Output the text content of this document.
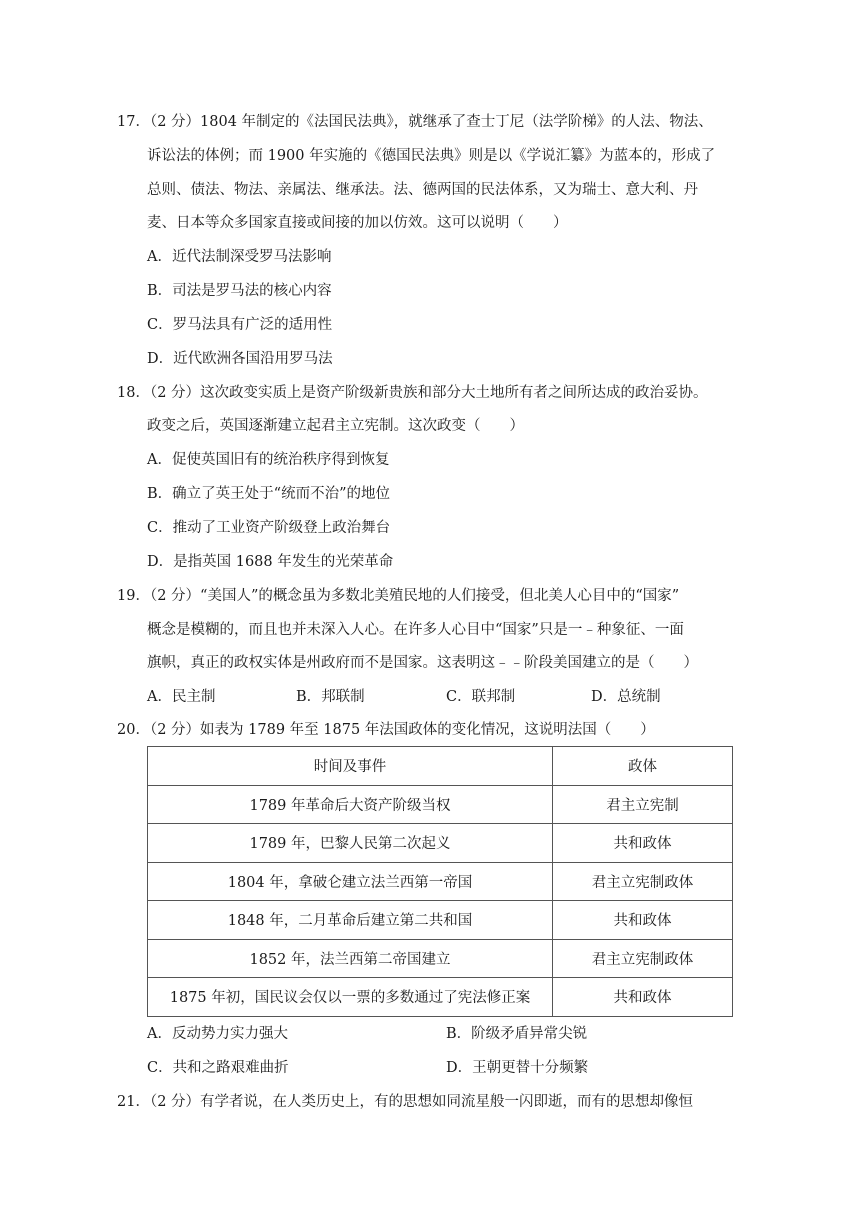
17．（2 分）1804 年制定的《法国民法典》，就继承了查士丁尼（法学阶梯》的人法、物法、
诉讼法的体例；而 1900 年实施的《德国民法典》则是以《学说汇纂》为蓝本的，形成了
总则、债法、物法、亲属法、继承法。法、德两国的民法体系，又为瑞士、意大利、丹
麦、日本等众多国家直接或间接的加以仿效。这可以说明（　　）
A．近代法制深受罗马法影响
B．司法是罗马法的核心内容
C．罗马法具有广泛的适用性
D．近代欧洲各国沿用罗马法
18．（2 分）这次政变实质上是资产阶级新贵族和部分大土地所有者之间所达成的政治妥协。
政变之后，英国逐渐建立起君主立宪制。这次政变（　　）
A．促使英国旧有的统治秩序得到恢复
B．确立了英王处于“统而不治”的地位
C．推动了工业资产阶级登上政治舞台
D．是指英国 1688 年发生的光荣革命
19．（2 分）“美国人”的概念虽为多数北美殖民地的人们接受，但北美人心目中的“国家”
概念是模糊的，而且也并未深入人心。在许多人心目中“国家”只是一﹣种象征、一面
旗帜，真正的政权实体是州政府而不是国家。这表明这﹣﹣阶段美国建立的是（　　）
A．民主制	B．邦联制	C．联邦制	D．总统制
20．（2 分）如表为 1789 年至 1875 年法国政体的变化情况，这说明法国（　　）
时间及事件	政体
1789 年革命后大资产阶级当权	君主立宪制
1789 年，巴黎人民第二次起义	共和政体
1804 年，拿破仑建立法兰西第一帝国	君主立宪制政体
1848 年，二月革命后建立第二共和国	共和政体
1852 年，法兰西第二帝国建立	君主立宪制政体
1875 年初，国民议会仅以一票的多数通过了宪法修正案	共和政体
A．反动势力实力强大	B．阶级矛盾异常尖锐
C．共和之路艰难曲折	D．王朝更替十分频繁
21．（2 分）有学者说，在人类历史上，有的思想如同流星般一闪即逝，而有的思想却像恒
